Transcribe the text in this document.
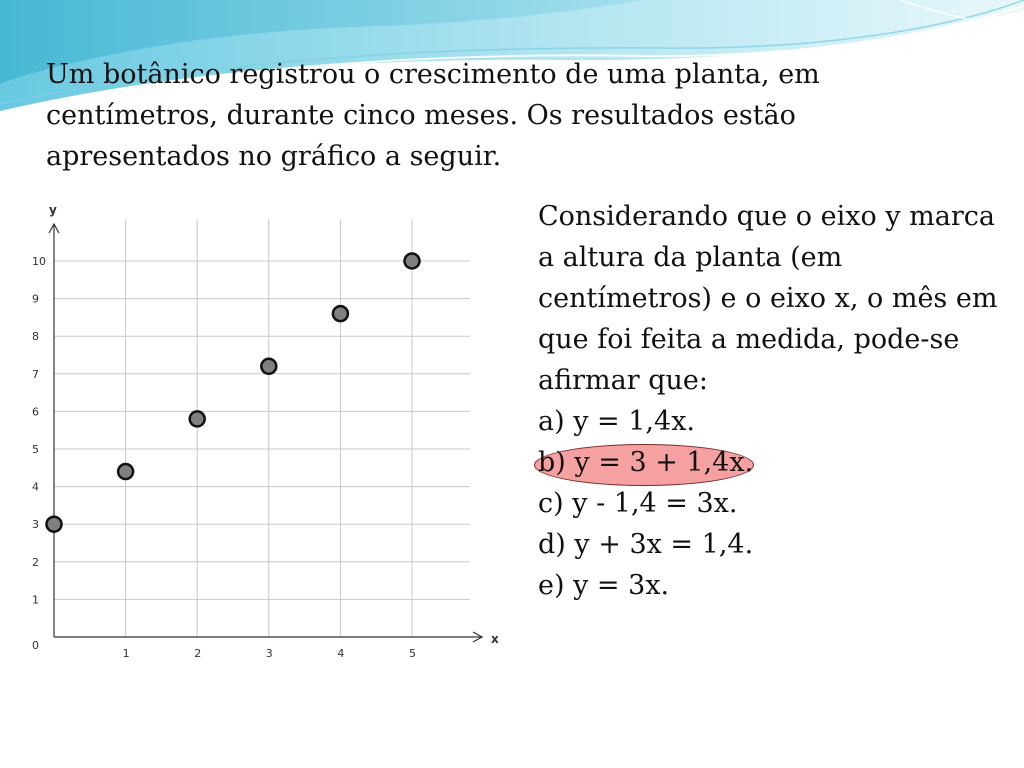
Um botânico registrou o crescimento de uma planta, em centímetros, durante cinco meses. Os resultados estão apresentados no gráfico a seguir.

x
y
1	2	3	4	5
0
1
2
3
4
5
6
7
8
9
10

Considerando que o eixo y marca a altura da planta (em centímetros) e o eixo x, o mês em que foi feita a medida, pode-se afirmar que:

a) y = 1,4x.
b) y = 3 + 1,4x.
c) y - 1,4 = 3x.
d) y + 3x = 1,4.
e) y = 3x.
